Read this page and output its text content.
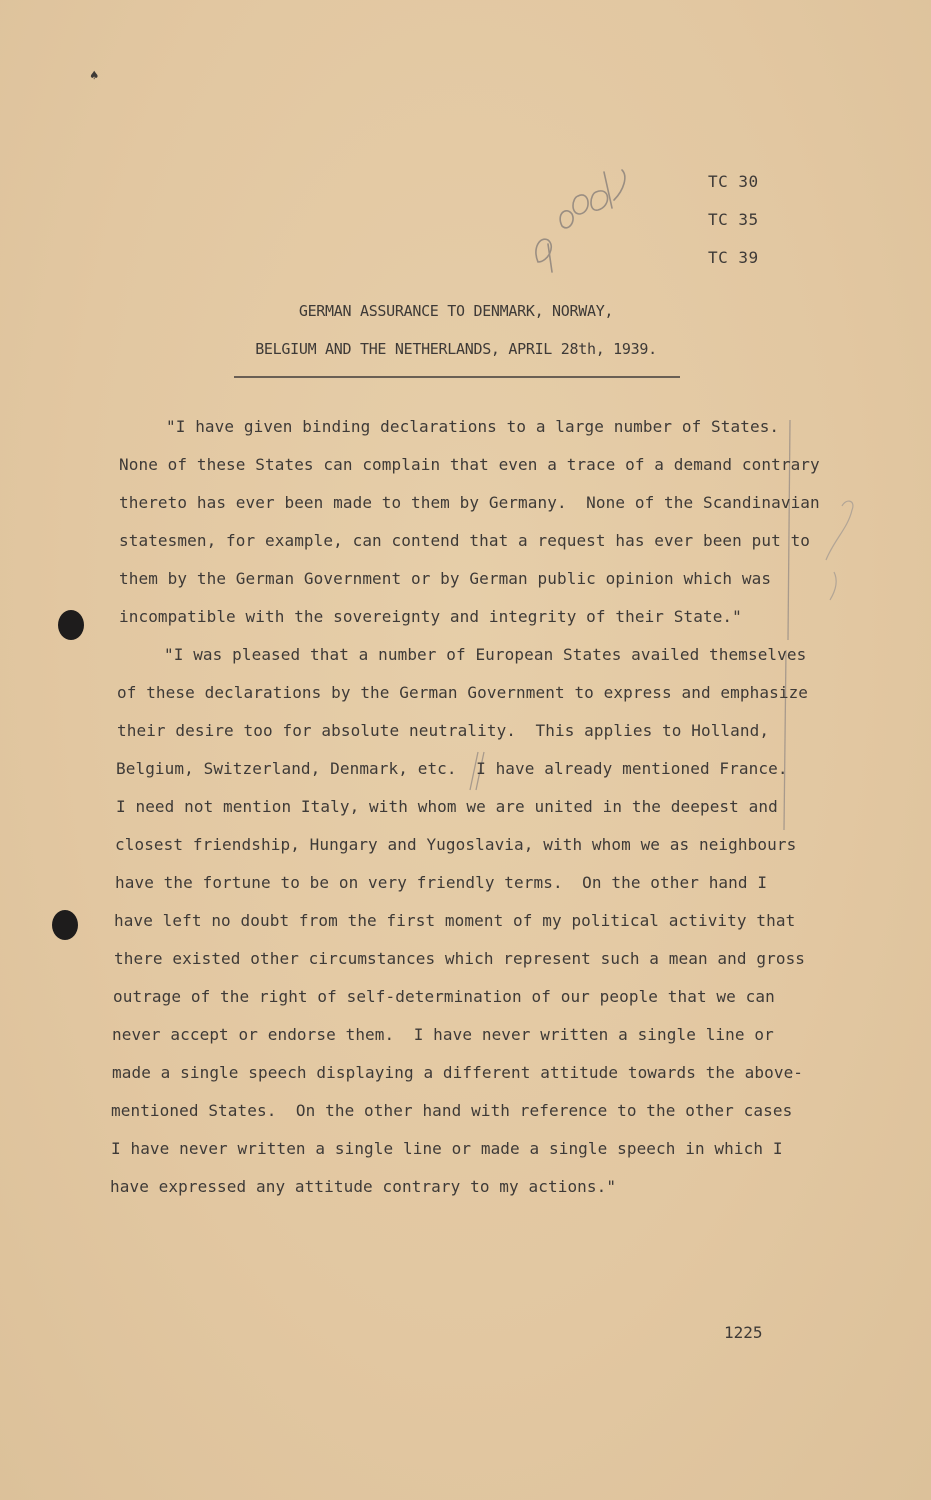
♠
TC 30
TC 35
TC 39
GERMAN ASSURANCE TO DENMARK, NORWAY,
BELGIUM AND THE NETHERLANDS, APRIL 28th, 1939.
"I have given binding declarations to a large number of States.
None of these States can complain that even a trace of a demand contrary
thereto has ever been made to them by Germany.  None of the Scandinavian
statesmen, for example, can contend that a request has ever been put to
them by the German Government or by German public opinion which was
incompatible with the sovereignty and integrity of their State."
"I was pleased that a number of European States availed themselves
of these declarations by the German Government to express and emphasize
their desire too for absolute neutrality.  This applies to Holland,
Belgium, Switzerland, Denmark, etc.  I have already mentioned France.
I need not mention Italy, with whom we are united in the deepest and
closest friendship, Hungary and Yugoslavia, with whom we as neighbours
have the fortune to be on very friendly terms.  On the other hand I
have left no doubt from the first moment of my political activity that
there existed other circumstances which represent such a mean and gross
outrage of the right of self-determination of our people that we can
never accept or endorse them.  I have never written a single line or
made a single speech displaying a different attitude towards the above-
mentioned States.  On the other hand with reference to the other cases
I have never written a single line or made a single speech in which I
have expressed any attitude contrary to my actions."
1225
